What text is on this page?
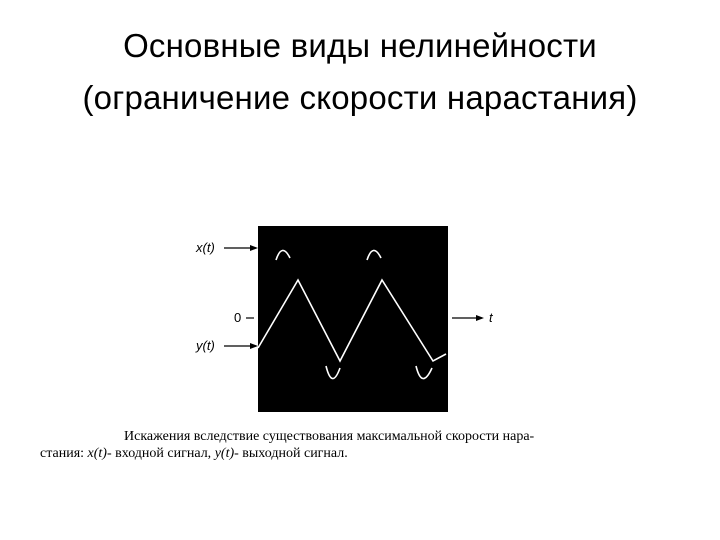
Основные виды нелинейности
(ограничение скорости нарастания)
x(t)
0
y(t)
t
Искажения вследствие существования максимальной скорости нара-
стания: x(t)- входной сигнал, y(t)- выходной сигнал.
